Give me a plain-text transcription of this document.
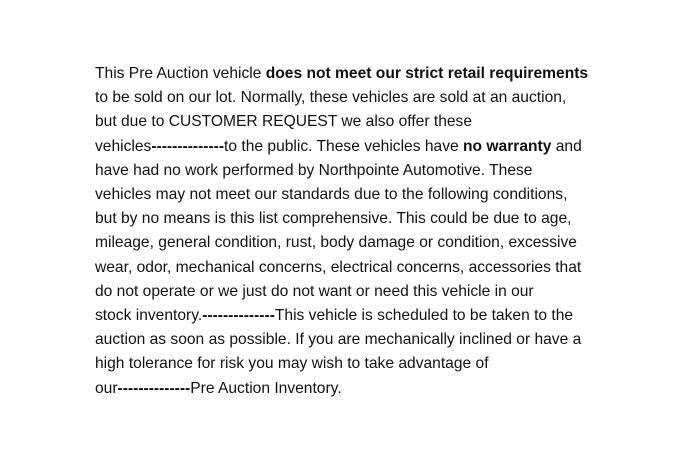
This Pre Auction vehicle does not meet our strict retail requirements
to be sold on our lot. Normally, these vehicles are sold at an auction,
but due to CUSTOMER REQUEST we also offer these
vehicles--------------to the public. These vehicles have no warranty and
have had no work performed by Northpointe Automotive. These
vehicles may not meet our standards due to the following conditions,
but by no means is this list comprehensive. This could be due to age,
mileage, general condition, rust, body damage or condition, excessive
wear, odor, mechanical concerns, electrical concerns, accessories that
do not operate or we just do not want or need this vehicle in our
stock inventory.--------------This vehicle is scheduled to be taken to the
auction as soon as possible. If you are mechanically inclined or have a
high tolerance for risk you may wish to take advantage of
our--------------Pre Auction Inventory.
